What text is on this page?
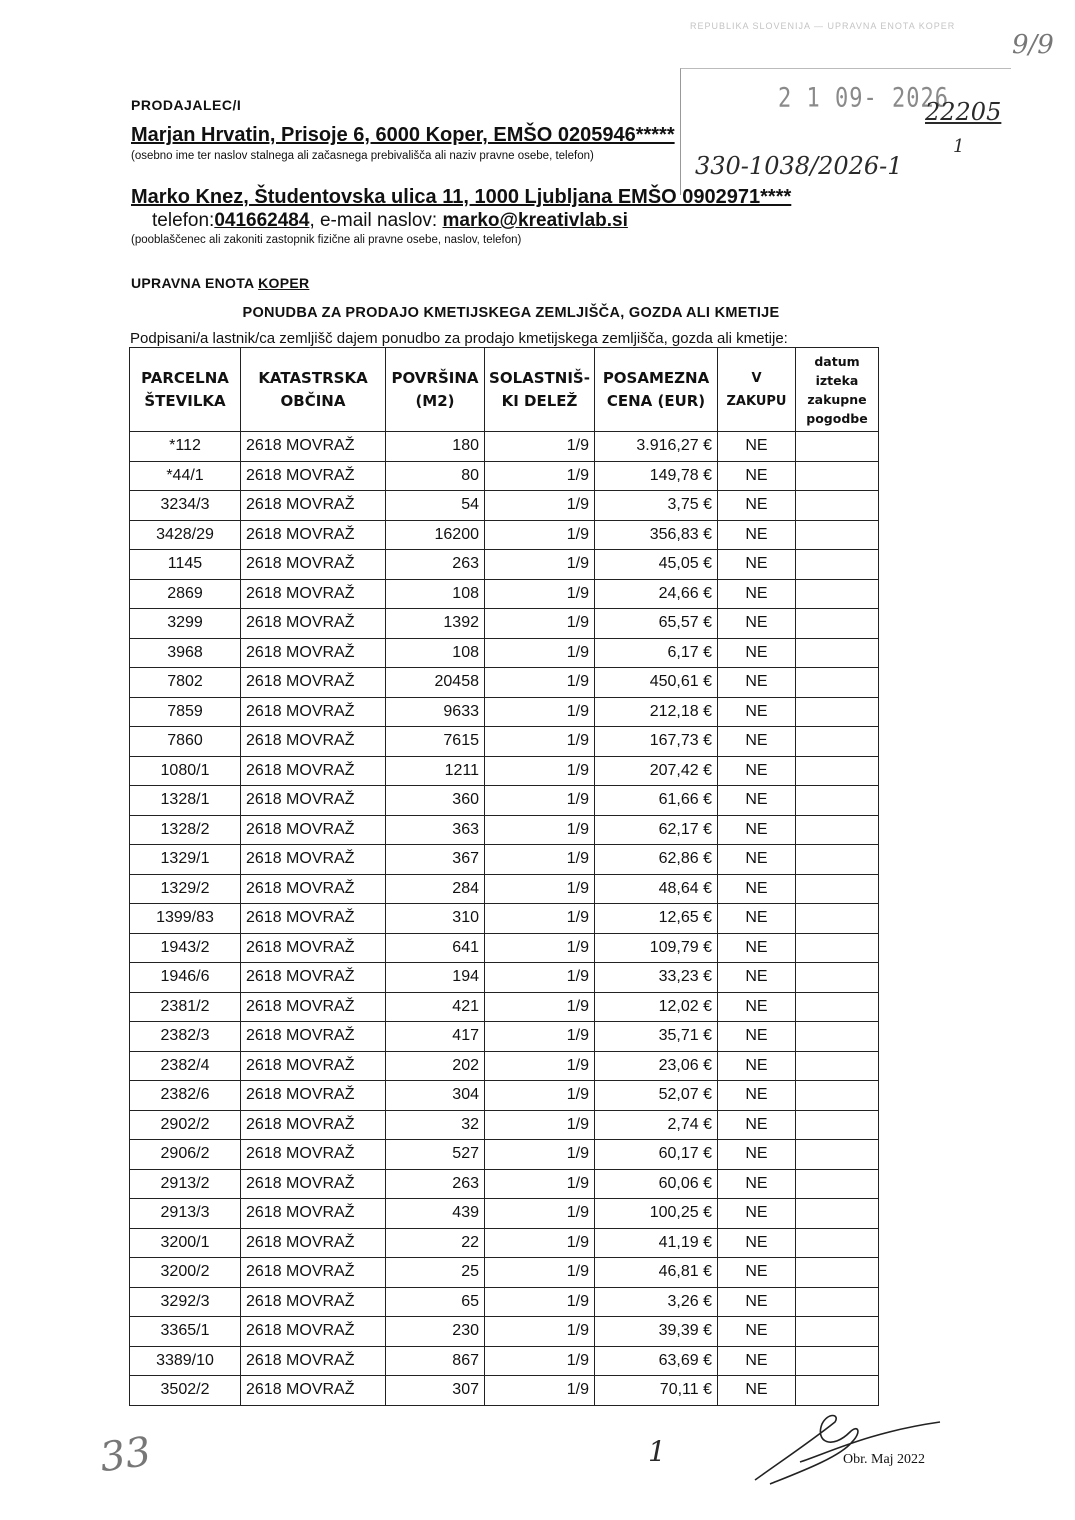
REPUBLIKA SLOVENIJA — UPRAVNA ENOTA KOPER
2 1 09- 2026
9/9
22205
1
330-1038/2026-1
PRODAJALEC/I
Marjan Hrvatin, Prisoje 6, 6000 Koper, EMŠO 0205946*****
(osebno ime ter naslov stalnega ali začasnega prebivališča ali naziv pravne osebe, telefon)
Marko Knez, Študentovska ulica 11, 1000 Ljubljana EMŠO 0902971****
telefon:041662484, e-mail naslov: marko@kreativlab.si
(pooblaščenec ali zakoniti zastopnik fizične ali pravne osebe, naslov, telefon)
UPRAVNA ENOTA KOPER
PONUDBA ZA PRODAJO KMETIJSKEGA ZEMLJIŠČA, GOZDA ALI KMETIJE
Podpisani/a lastnik/ca zemljišč dajem ponudbo za prodajo kmetijskega zemljišča, gozda ali kmetije:
PARCELNA ŠTEVILKA	KATASTRSKA OBČINA	POVRŠINA (M2)	SOLASTNIŠ-KI DELEŽ	POSAMEZNA CENA (EUR)	V ZAKUPU	datum izteka zakupne pogodbe
*112	2618 MOVRAŽ	180	1/9	3.916,27 €	NE	
*44/1	2618 MOVRAŽ	80	1/9	149,78 €	NE	
3234/3	2618 MOVRAŽ	54	1/9	3,75 €	NE	
3428/29	2618 MOVRAŽ	16200	1/9	356,83 €	NE	
1145	2618 MOVRAŽ	263	1/9	45,05 €	NE	
2869	2618 MOVRAŽ	108	1/9	24,66 €	NE	
3299	2618 MOVRAŽ	1392	1/9	65,57 €	NE	
3968	2618 MOVRAŽ	108	1/9	6,17 €	NE	
7802	2618 MOVRAŽ	20458	1/9	450,61 €	NE	
7859	2618 MOVRAŽ	9633	1/9	212,18 €	NE	
7860	2618 MOVRAŽ	7615	1/9	167,73 €	NE	
1080/1	2618 MOVRAŽ	1211	1/9	207,42 €	NE	
1328/1	2618 MOVRAŽ	360	1/9	61,66 €	NE	
1328/2	2618 MOVRAŽ	363	1/9	62,17 €	NE	
1329/1	2618 MOVRAŽ	367	1/9	62,86 €	NE	
1329/2	2618 MOVRAŽ	284	1/9	48,64 €	NE	
1399/83	2618 MOVRAŽ	310	1/9	12,65 €	NE	
1943/2	2618 MOVRAŽ	641	1/9	109,79 €	NE	
1946/6	2618 MOVRAŽ	194	1/9	33,23 €	NE	
2381/2	2618 MOVRAŽ	421	1/9	12,02 €	NE	
2382/3	2618 MOVRAŽ	417	1/9	35,71 €	NE	
2382/4	2618 MOVRAŽ	202	1/9	23,06 €	NE	
2382/6	2618 MOVRAŽ	304	1/9	52,07 €	NE	
2902/2	2618 MOVRAŽ	32	1/9	2,74 €	NE	
2906/2	2618 MOVRAŽ	527	1/9	60,17 €	NE	
2913/2	2618 MOVRAŽ	263	1/9	60,06 €	NE	
2913/3	2618 MOVRAŽ	439	1/9	100,25 €	NE	
3200/1	2618 MOVRAŽ	22	1/9	41,19 €	NE	
3200/2	2618 MOVRAŽ	25	1/9	46,81 €	NE	
3292/3	2618 MOVRAŽ	65	1/9	3,26 €	NE	
3365/1	2618 MOVRAŽ	230	1/9	39,39 €	NE	
3389/10	2618 MOVRAŽ	867	1/9	63,69 €	NE	
3502/2	2618 MOVRAŽ	307	1/9	70,11 €	NE	
33	1	Obr. Maj 2022
